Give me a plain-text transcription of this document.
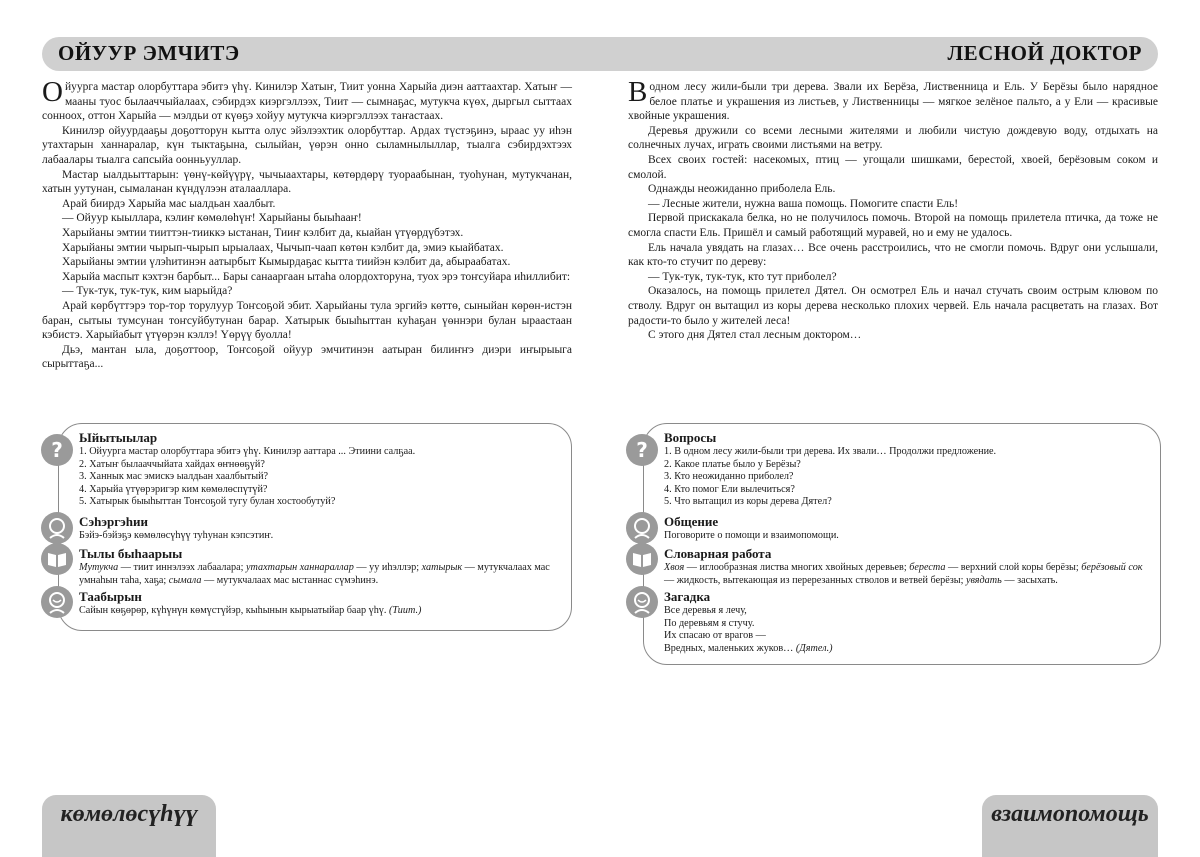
ОЙУУР ЭМЧИТЭ	ЛЕСНОЙ ДОКТОР

Ойуурга мастар олорбуттара эбитэ үһү. Кинилэр Хатыҥ, Тиит уонна Харыйа диэн ааттаахтар. Хатыҥ — мааны туос былааччыйалаах, сэбирдэх киэргэллээх, Тиит — сымнаҕас, мутукча күөх, дыргыл сыттаах сонноох, оттон Харыйа — мэлдьи от күөҕэ хойуу мутукча киэргэллээх таҥастаах.

Кинилэр ойуурдааҕы доҕотторун кытта олус эйэлээхтик олорбуттар. Ардах түстэҕинэ, ыраас уу иһэн утахтарын ханнаралар, күн тыктаҕына, сылыйан, үөрэн онно сыламнылыллар, тыалга сэбирдэхтээх лабаалары тыалга сапсыйа оонньууллар.

Мастар ыалдьыттарын: үөнү-көйүүрү, чычыаахтары, көтөрдөрү туораабынан, туоһунан, мутукчанан, хатын уутунан, сымаланан күндүлээн аталааллара.

Арай биирдэ Харыйа мас ыалдьан хаалбыт.

— Ойуур кыыллара, кэлиҥ көмөлөһүҥ! Харыйаны быыһааҥ!

Харыйаны эмтии тииттэн-тииккэ ыстанан, Тииҥ кэлбит да, кыайан үтүөрдүбэтэх.

Харыйаны эмтии чырып-чырып ырыалаах, Чычып-чаап көтөн кэлбит да, эмиэ кыайбатах.

Харыйаны эмтии үлэһитинэн аатырбыт Кымырдаҕас кытта тиийэн кэлбит да, абыраабатах.

Харыйа маспыт кэхтэн барбыт... Бары санааргаан ытаһа олордохторуна, туох эрэ тоҥсуйара иһиллибит:

— Тук-тук, тук-тук, ким ыарыйда?

Арай көрбүттэрэ тор-тор торулуур Тоҥсоҕой эбит. Харыйаны тула эргийэ көттө, сыныйан көрөн-истэн баран, сытыы тумсунан тоҥсуйбутунан барар. Хатырык быыһыттан куһаҕан үөннэри булан ыраастаан кэбистэ. Харыйабыт үтүөрэн кэллэ! Үөрүү буолла!

Дьэ, мантан ыла, доҕоттоор, Тоҥсоҕой ойуур эмчитинэн аатыран билиҥҥэ диэри иҥырыыга сырыттаҕа...

В одном лесу жили-были три дерева. Звали их Берёза, Лиственница и Ель. У Берёзы было нарядное белое платье и украшения из листьев, у Лиственницы — мягкое зелёное пальто, а у Ели — красивые хвойные украшения.

Деревья дружили со всеми лесными жителями и любили чистую дождевую воду, отдыхать на солнечных лучах, играть своими листьями на ветру.

Всех своих гостей: насекомых, птиц — угощали шишками, берестой, хвоей, берёзовым соком и смолой.

Однажды неожиданно приболела Ель.

— Лесные жители, нужна ваша помощь. Помогите спасти Ель!

Первой прискакала белка, но не получилось помочь. Второй на помощь прилетела птичка, да тоже не смогла спасти Ель. Пришёл и самый работящий муравей, но и ему не удалось.

Ель начала увядать на глазах… Все очень расстроились, что не смогли помочь. Вдруг они услышали, как кто-то стучит по дереву:

— Тук-тук, тук-тук, кто тут приболел?

Оказалось, на помощь прилетел Дятел. Он осмотрел Ель и начал стучать своим острым клювом по стволу. Вдруг он вытащил из коры дерева несколько плохих червей. Ель начала расцветать на глазах. Вот радости-то было у жителей леса!

С этого дня Дятел стал лесным доктором…

?
Ыйытыылар
1. Ойуурга мастар олорбуттара эбитэ үһү. Кинилэр ааттара ... Этиини салҕаа.
2. Хатыҥ былааччыйата хайдах өҥнөөҕүй?
3. Ханнык мас эмискэ ыалдьан хаалбытый?
4. Харыйа үтүөрэригэр ким көмөлөспүтүй?
5. Хатырык быыһыттан Тоҥсоҕой тугу булан хостообутуй?
Сэһэргэһии
Бэйэ-бэйэҕэ көмөлөсүһүү туһунан кэпсэтиҥ.
Тылы быһаарыы
Мутукча — тиит иннэлээх лабаалара; утахтарын ханнараллар — уу иһэллэр; хатырык — мутукчалаах мас умнаһын таһа, хаҕа; сымала — мутукчалаах мас ыстаннас сүмэһинэ.
Таабырын
Сайын көҕөрөр, күһүнүн көмүстүйэр, кыһынын кырыатыйар баар үһү. (Тиит.)
?
Вопросы
1. В одном лесу жили-были три дерева. Их звали… Продолжи предложение.
2. Какое платье было у Берёзы?
3. Кто неожиданно приболел?
4. Кто помог Ели вылечиться?
5. Что вытащил из коры дерева Дятел?
Общение
Поговорите о помощи и взаимопомощи.
Словарная работа
Хвоя — иглообразная листва многих хвойных деревьев; береста — верхний слой коры берёзы; берёзовый сок — жидкость, вытекающая из перерезанных стволов и ветвей берёзы; увядать — засыхать.
Загадка
Все деревья я лечу,
По деревьям я стучу.
Их спасаю от врагов —
Вредных, маленьких жуков… (Дятел.)
көмөлөсүһүү	взаимопомощь
